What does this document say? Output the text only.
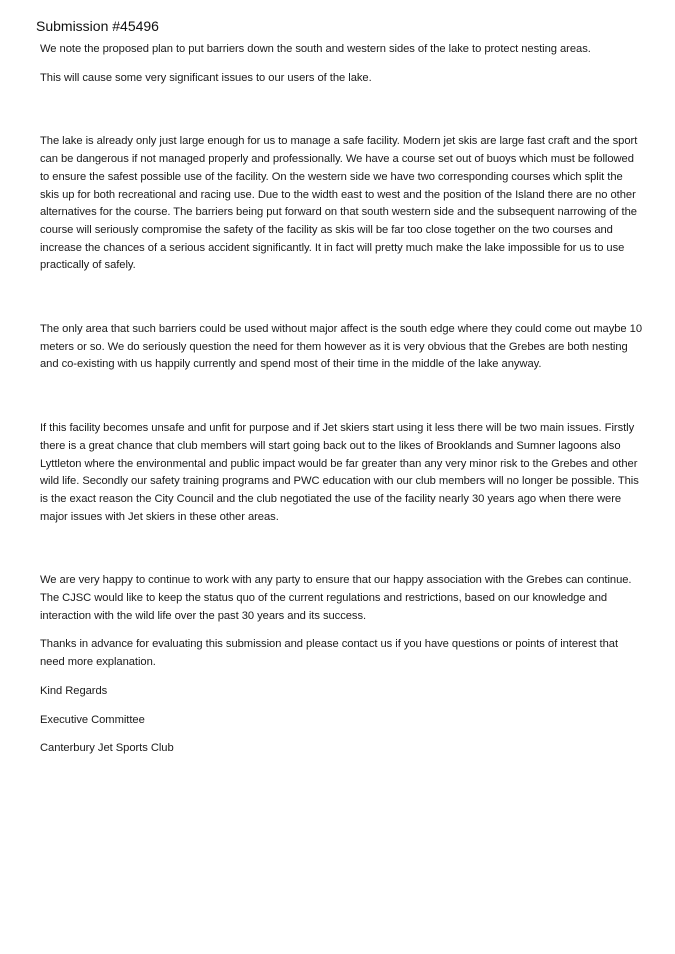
Submission #45496

We note the proposed plan to put barriers down the south and western sides of the lake to protect nesting areas.

This will cause some very significant issues to our users of the lake.

The lake is already only just large enough for us to manage a safe facility. Modern jet skis are large fast craft and the sport can be dangerous if not managed properly and professionally. We have a course set out of buoys which must be followed to ensure the safest possible use of the facility. On the western side we have two corresponding courses which split the skis up for both recreational and racing use. Due to the width east to west and the position of the Island there are no other alternatives for the course. The barriers being put forward on that south western side and the subsequent narrowing of the course will seriously compromise the safety of the facility as skis will be far too close together on the two courses and increase the chances of a serious accident significantly. It in fact will pretty much make the lake impossible for us to use practically of safely.

The only area that such barriers could be used without major affect is the south edge where they could come out maybe 10 meters or so. We do seriously question the need for them however as it is very obvious that the Grebes are both nesting and co-existing with us happily currently and spend most of their time in the middle of the lake anyway.

If this facility becomes unsafe and unfit for purpose and if Jet skiers start using it less there will be two main issues. Firstly there is a great chance that club members will start going back out to the likes of Brooklands and Sumner lagoons also Lyttleton where the environmental and public impact would be far greater than any very minor risk to the Grebes and other wild life. Secondly our safety training programs and PWC education with our club members will no longer be possible. This is the exact reason the City Council and the club negotiated the use of the facility nearly 30 years ago when there were major issues with Jet skiers in these other areas.

We are very happy to continue to work with any party to ensure that our happy association with the Grebes can continue. The CJSC would like to keep the status quo of the current regulations and restrictions, based on our knowledge and interaction with the wild life over the past 30 years and its success.

Thanks in advance for evaluating this submission and please contact us if you have questions or points of interest that need more explanation.

Kind Regards

Executive Committee

Canterbury Jet Sports Club
